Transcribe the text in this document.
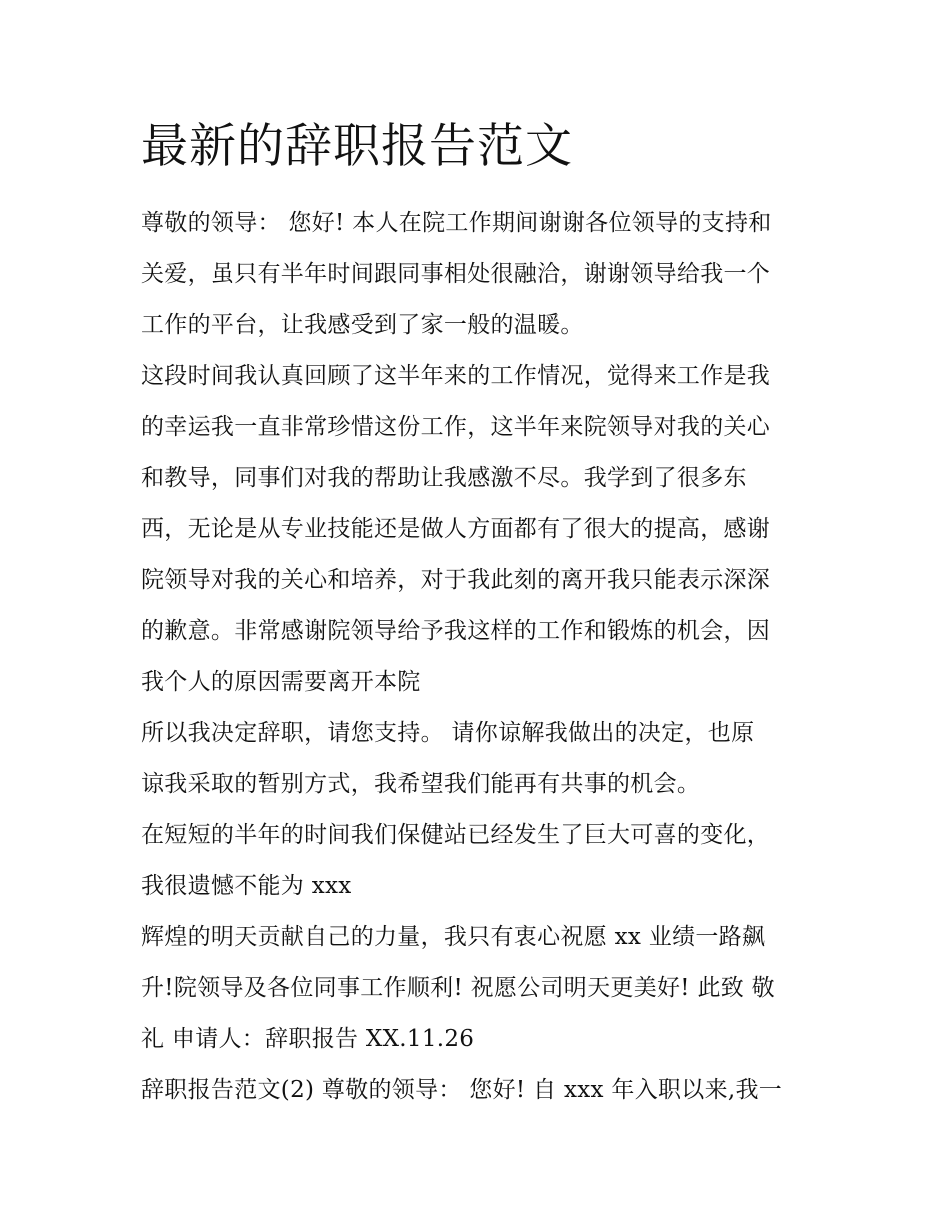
最新的辞职报告范文
尊敬的领导： 您好! 本人在院工作期间谢谢各位领导的支持和
关爱，虽只有半年时间跟同事相处很融洽，谢谢领导给我一个
工作的平台，让我感受到了家一般的温暖。
这段时间我认真回顾了这半年来的工作情况，觉得来工作是我
的幸运我一直非常珍惜这份工作，这半年来院领导对我的关心
和教导，同事们对我的帮助让我感激不尽。我学到了很多东
西，无论是从专业技能还是做人方面都有了很大的提高，感谢
院领导对我的关心和培养，对于我此刻的离开我只能表示深深
的歉意。非常感谢院领导给予我这样的工作和锻炼的机会，因
我个人的原因需要离开本院
所以我决定辞职，请您支持。 请你谅解我做出的决定，也原
谅我采取的暂别方式，我希望我们能再有共事的机会。
在短短的半年的时间我们保健站已经发生了巨大可喜的变化，
我很遗憾不能为 xxx
辉煌的明天贡献自己的力量，我只有衷心祝愿 xx 业绩一路飙
升!院领导及各位同事工作顺利! 祝愿公司明天更美好! 此致 敬
礼 申请人：辞职报告 XX.11.26
辞职报告范文(2) 尊敬的领导： 您好! 自 xxx 年入职以来,我一
